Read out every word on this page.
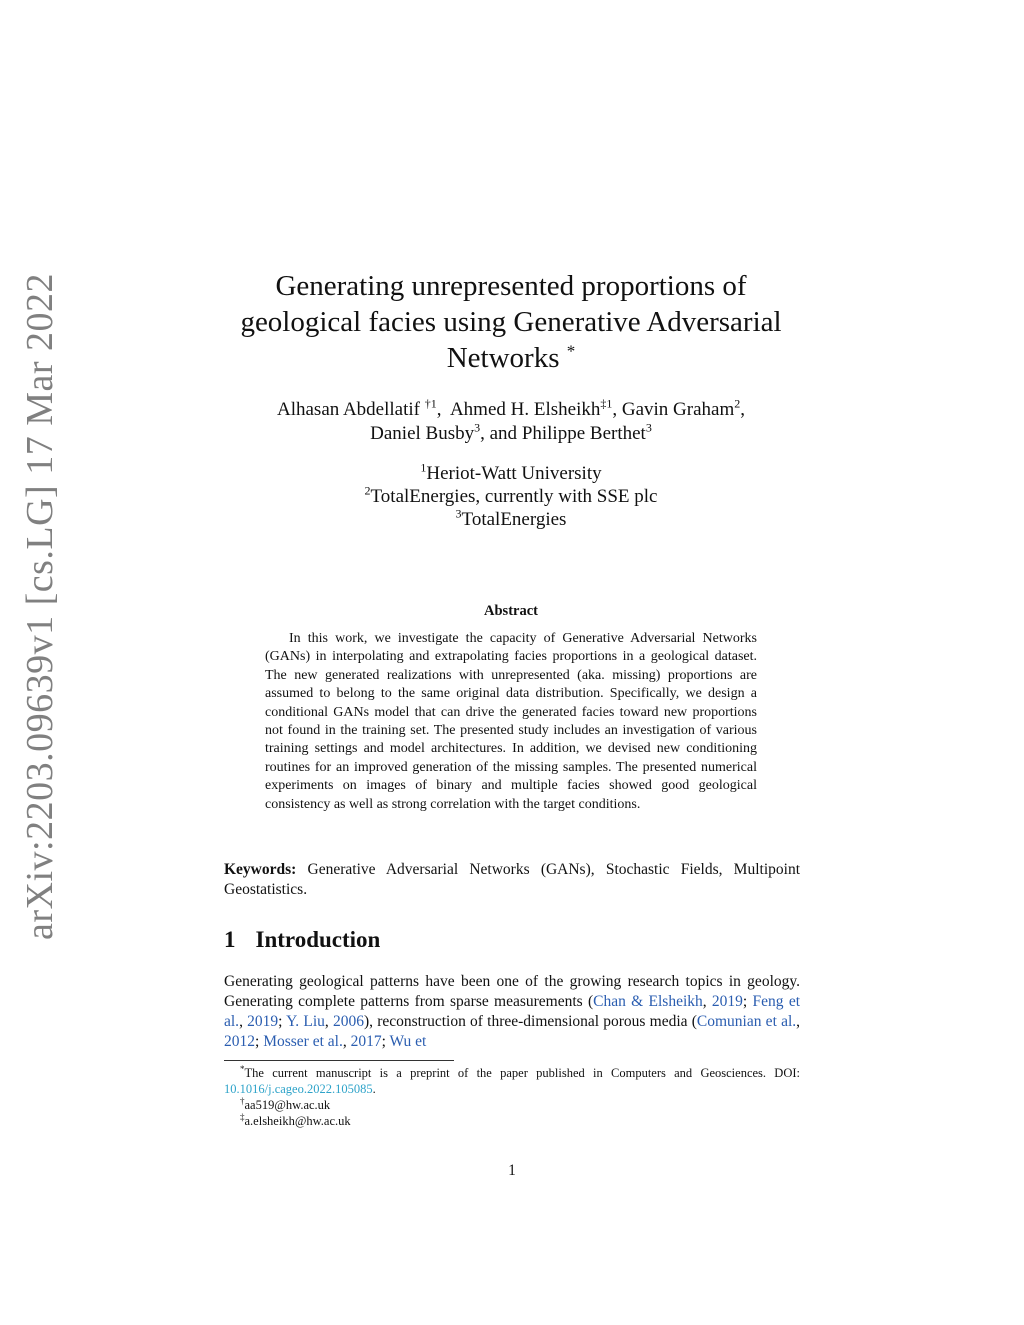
arXiv:2203.09639v1 [cs.LG] 17 Mar 2022	Generating unrepresented proportions of
geological facies using Generative Adversarial
Networks *
Alhasan Abdellatif $^{\dagger 1}$,  Ahmed H. Elsheikh$^{\ddagger 1}$, Gavin Graham$^2$,
Daniel Busby$^3$, and Philippe Berthet$^3$
$^1$Heriot-Watt University
$^2$TotalEnergies, currently with SSE plc
$^3$TotalEnergies
Abstract
In this work, we investigate the capacity of Generative Adversarial Networks (GANs) in interpolating and extrapolating facies proportions in a geological dataset. The new generated realizations with unrepresented (aka. missing) proportions are assumed to belong to the same original data distribution. Specifically, we design a conditional GANs model that can drive the generated facies toward new proportions not found in the training set. The presented study includes an investigation of various training settings and model architectures. In addition, we devised new conditioning routines for an improved generation of the missing samples. The presented numerical experiments on images of binary and multiple facies showed good geological consistency as well as strong correlation with the target conditions.
Keywords: Generative Adversarial Networks (GANs), Stochastic Fields, Multipoint Geostatistics.
1 Introduction
Generating geological patterns have been one of the growing research topics in geology. Generating complete patterns from sparse measurements (Chan & Elsheikh, 2019; Feng et al., 2019; Y. Liu, 2006), reconstruction of three-dimensional porous media (Comunian et al., 2012; Mosser et al., 2017; Wu et

*The current manuscript is a preprint of the paper published in Computers and Geosciences. DOI: 10.1016/j.cageo.2022.105085.

†aa519@hw.ac.uk

‡a.elsheikh@hw.ac.uk

1
